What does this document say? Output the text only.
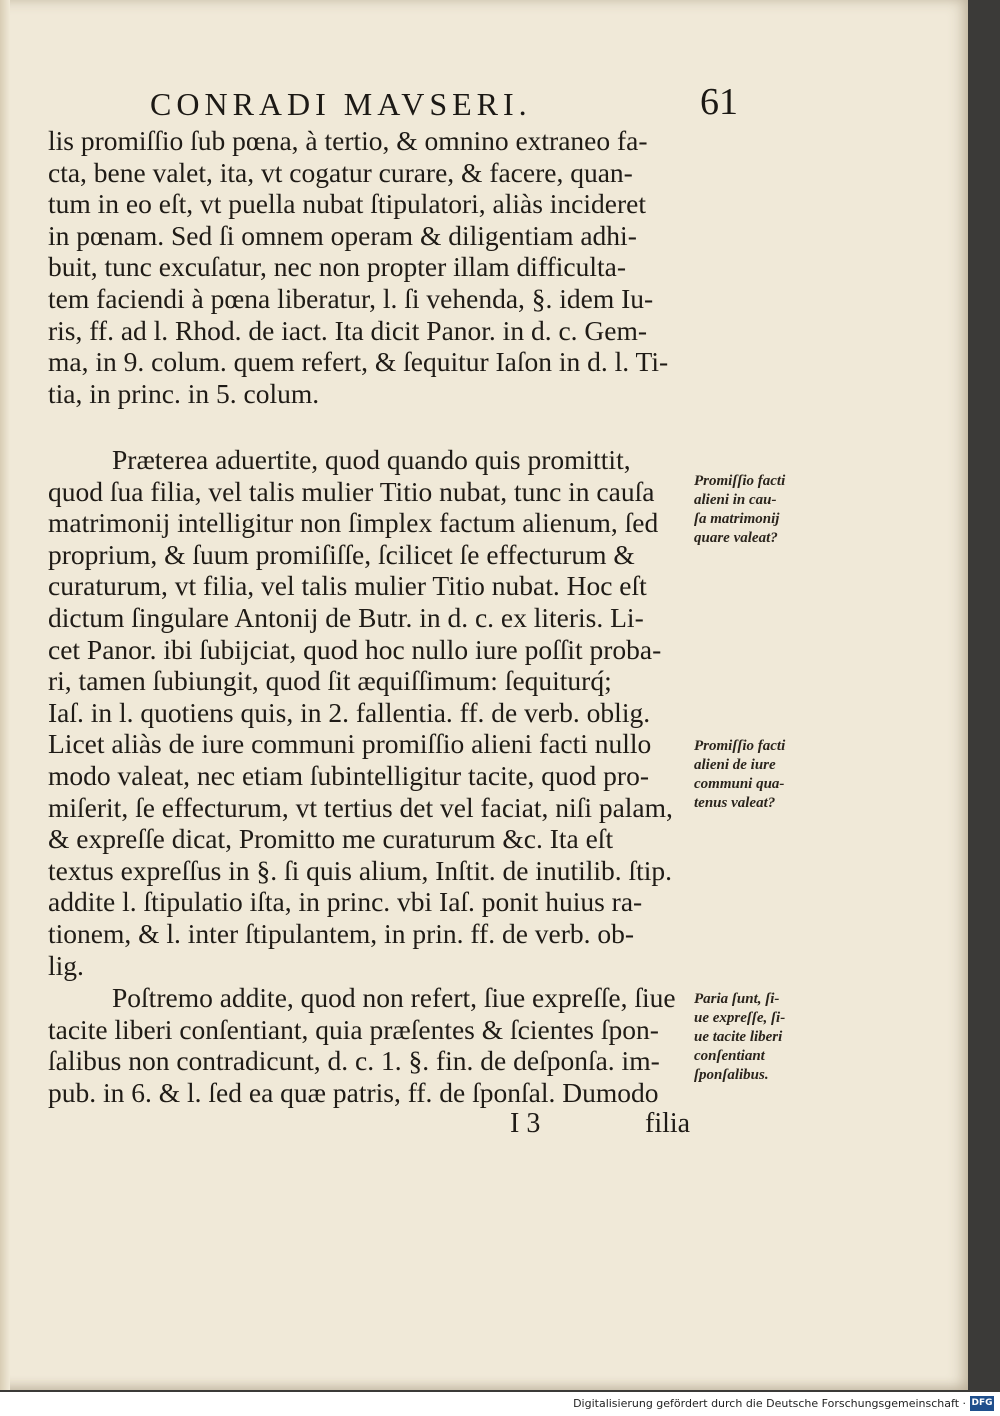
CONRADI MAVSERI.	61
lis promiſſio ſub pœna, à tertio, & omnino extraneo fa-
cta, bene valet, ita, vt cogatur curare, & facere, quan-
tum in eo eſt, vt puella nubat ſtipulatori, aliàs incideret
in pœnam. Sed ſi omnem operam & diligentiam adhi-
buit, tunc excuſatur, nec non propter illam difficulta-
tem faciendi à pœna liberatur, l. ſi vehenda, §. idem Iu-
ris, ff. ad l. Rhod. de iact. Ita dicit Panor. in d. c. Gem-
ma, in 9. colum. quem refert, & ſequitur Iaſon in d. l. Ti-
tia, in princ. in 5. colum.
Præterea aduertite, quod quando quis promittit,
quod ſua filia, vel talis mulier Titio nubat, tunc in cauſa
matrimonij intelligitur non ſimplex factum alienum, ſed
proprium, & ſuum promiſiſſe, ſcilicet ſe effecturum &
curaturum, vt filia, vel talis mulier Titio nubat. Hoc eſt
dictum ſingulare Antonij de Butr. in d. c. ex literis. Li-
cet Panor. ibi ſubijciat, quod hoc nullo iure poſſit proba-
ri, tamen ſubiungit, quod ſit æquiſſimum: ſequiturq́;
Iaſ. in l. quotiens quis, in 2. fallentia. ff. de verb. oblig.
Licet aliàs de iure communi promiſſio alieni facti nullo
modo valeat, nec etiam ſubintelligitur tacite, quod pro-
miſerit, ſe effecturum, vt tertius det vel faciat, niſi palam,
& expreſſe dicat, Promitto me curaturum &c. Ita eſt
textus expreſſus in §. ſi quis alium, Inſtit. de inutilib. ſtip.
addite l. ſtipulatio iſta, in princ. vbi Iaſ. ponit huius ra-
tionem, & l. inter ſtipulantem, in prin. ff. de verb. ob-
lig.
Poſtremo addite, quod non refert, ſiue expreſſe, ſiue
tacite liberi conſentiant, quia præſentes & ſcientes ſpon-
ſalibus non contradicunt, d. c. 1. §. fin. de deſponſa. im-
pub. in 6. & l. ſed ea quæ patris, ff. de ſponſal. Dumodo
Promiſſio facti
alieni in cau-
ſa matrimonij
quare valeat?
Promiſſio facti
alieni de iure
communi qua-
tenus valeat?
Paria ſunt, ſi-
ue expreſſe, ſi-
ue tacite liberi
conſentiant
ſponſalibus.
I 3	filia
Digitalisierung gefördert durch die Deutsche Forschungsgemeinschaft · DFG
